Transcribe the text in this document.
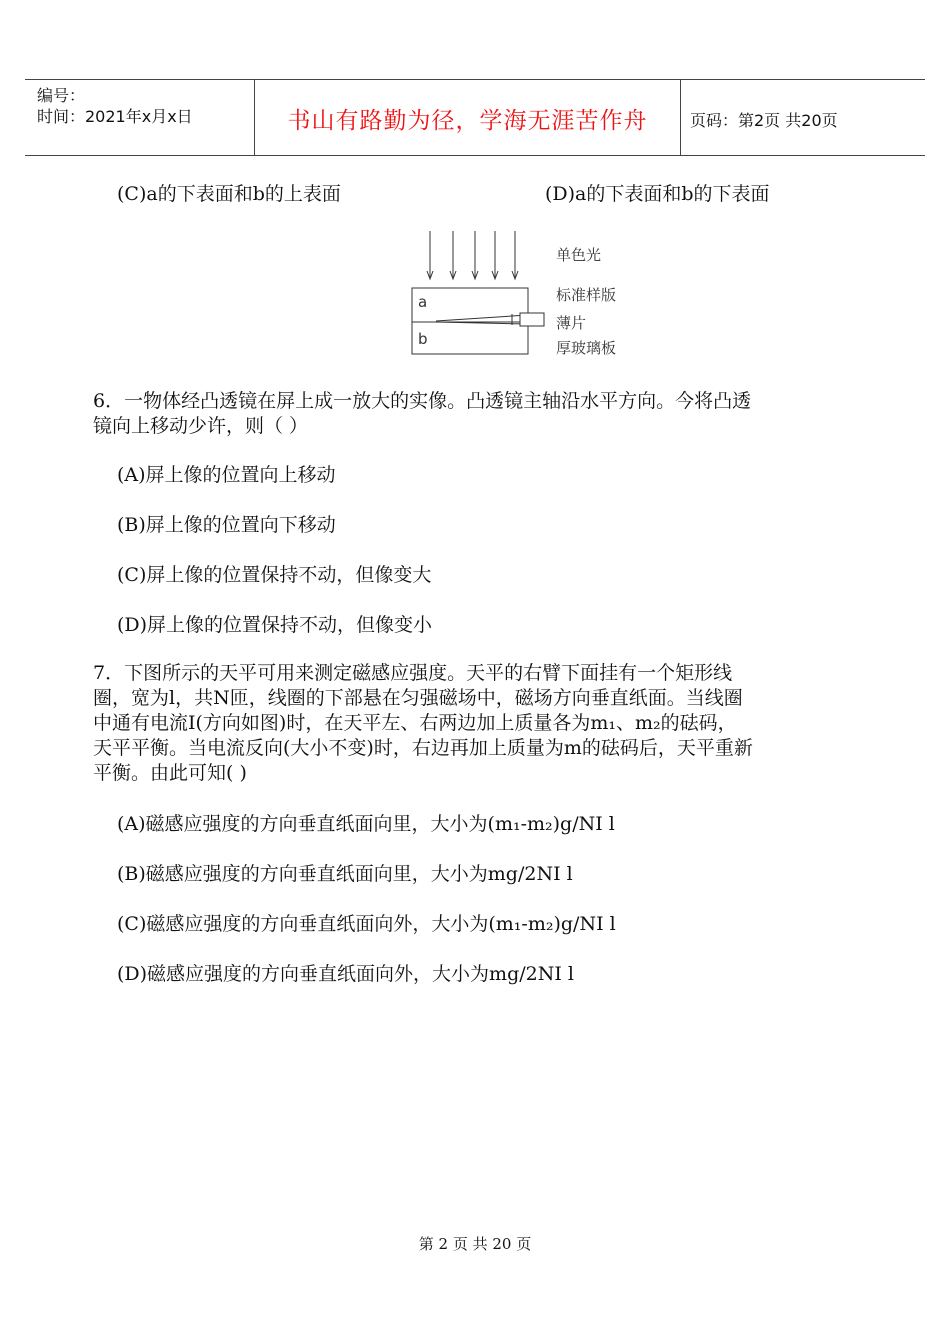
编号：
时间：2021年x月x日	书山有路勤为径，学海无涯苦作舟	页码：第2页 共20页
(C)a的下表面和b的上表面	(D)a的下表面和b的下表面
a
b
单色光
标准样版
薄片
厚玻璃板
6．一物体经凸透镜在屏上成一放大的实像。凸透镜主轴沿水平方向。今将凸透
镜向上移动少许，则（ ）
(A)屏上像的位置向上移动
(B)屏上像的位置向下移动
(C)屏上像的位置保持不动，但像变大
(D)屏上像的位置保持不动，但像变小
7．下图所示的天平可用来测定磁感应强度。天平的右臂下面挂有一个矩形线
圈，宽为l，共N匝，线圈的下部悬在匀强磁场中，磁场方向垂直纸面。当线圈
中通有电流I(方向如图)时，在天平左、右两边加上质量各为m₁、m₂的砝码，
天平平衡。当电流反向(大小不变)时，右边再加上质量为m的砝码后，天平重新
平衡。由此可知( )
(A)磁感应强度的方向垂直纸面向里，大小为(m₁-m₂)g/NI l
(B)磁感应强度的方向垂直纸面向里，大小为mg/2NI l
(C)磁感应强度的方向垂直纸面向外，大小为(m₁-m₂)g/NI l
(D)磁感应强度的方向垂直纸面向外，大小为mg/2NI l
第 2 页 共 20 页
